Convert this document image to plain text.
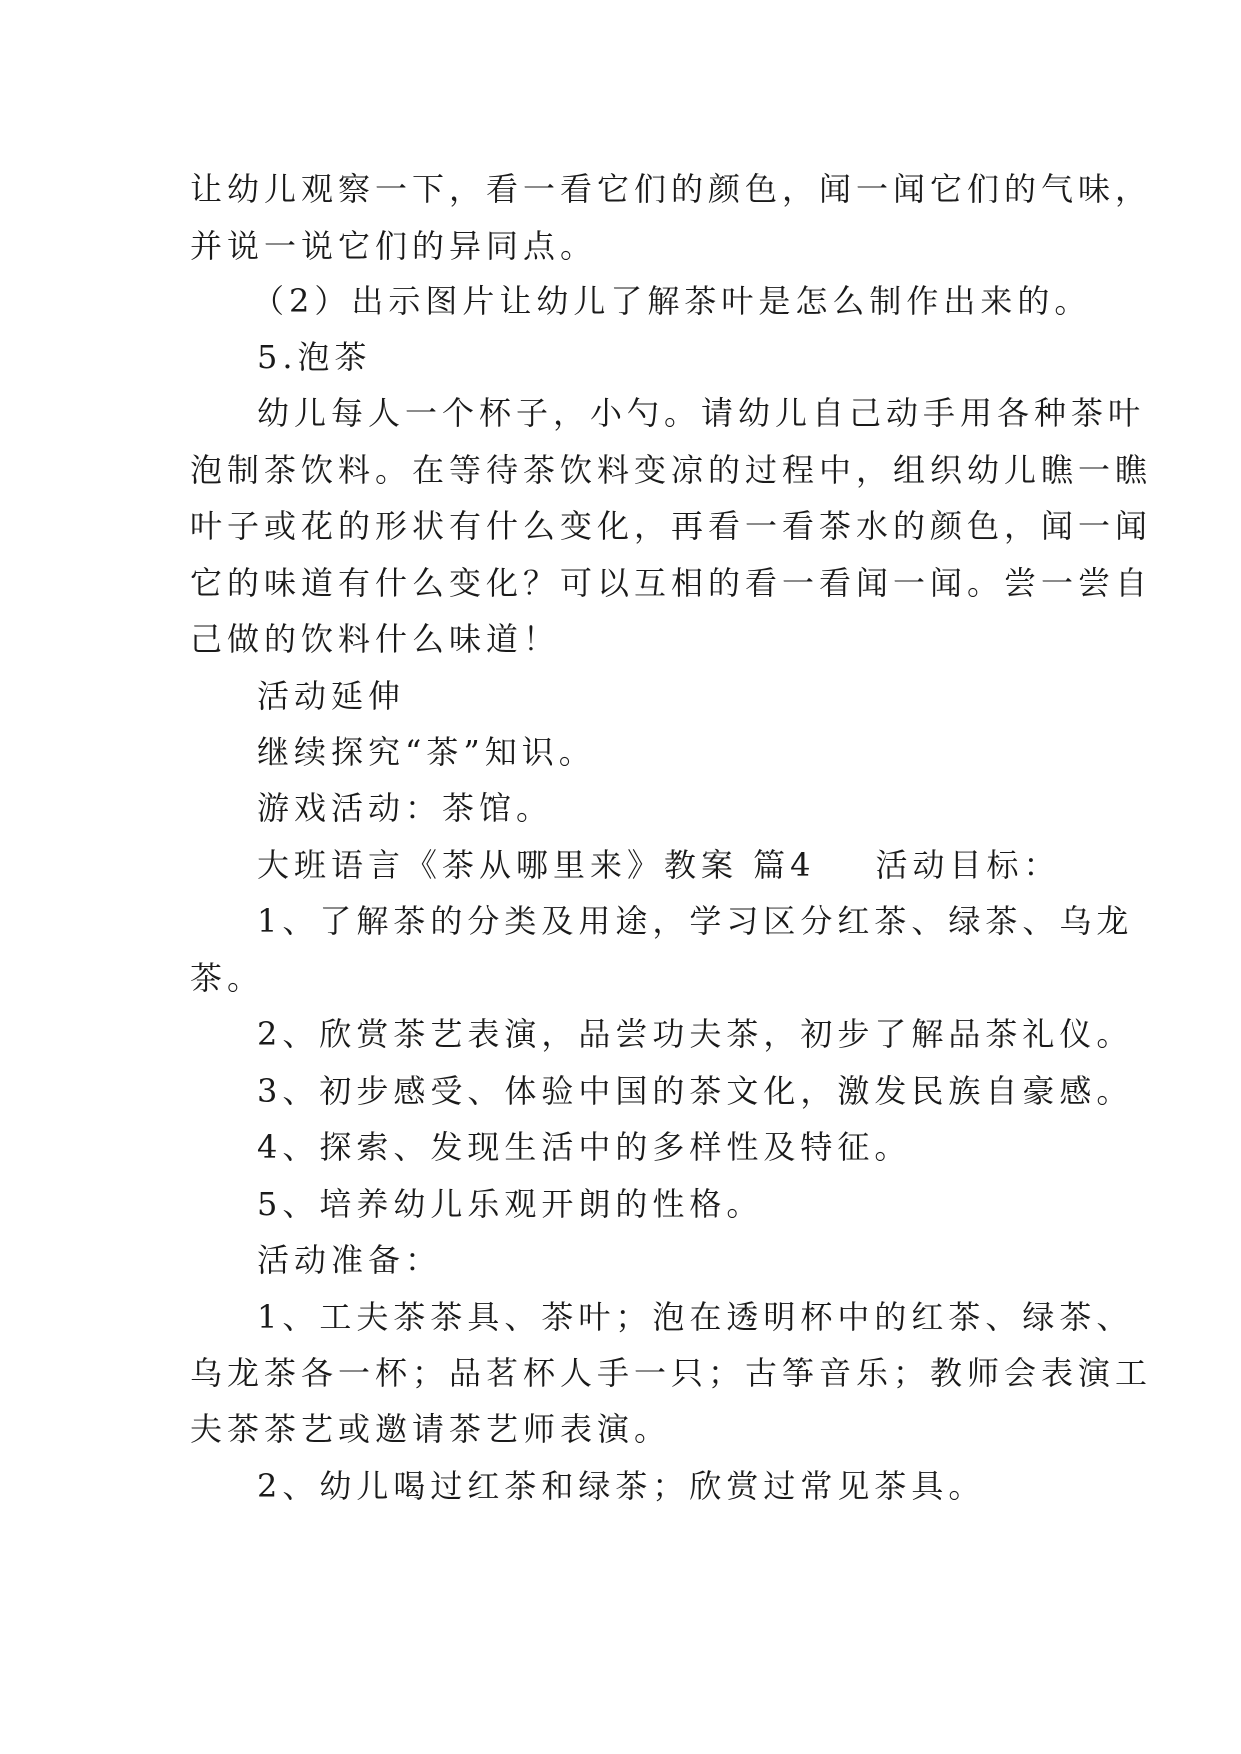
让幼儿观察一下，看一看它们的颜色，闻一闻它们的气味，

并说一说它们的异同点。

（2）出示图片让幼儿了解茶叶是怎么制作出来的。

5.泡茶

幼儿每人一个杯子，小勺。请幼儿自己动手用各种茶叶

泡制茶饮料。在等待茶饮料变凉的过程中，组织幼儿瞧一瞧

叶子或花的形状有什么变化，再看一看茶水的颜色，闻一闻

它的味道有什么变化？可以互相的看一看闻一闻。尝一尝自

己做的饮料什么味道！

活动延伸

继续探究“茶”知识。

游戏活动：茶馆。

大班语言《茶从哪里来》教案 篇4 活动目标：

1、了解茶的分类及用途，学习区分红茶、绿茶、乌龙

茶。

2、欣赏茶艺表演，品尝功夫茶，初步了解品茶礼仪。

3、初步感受、体验中国的茶文化，激发民族自豪感。

4、探索、发现生活中的多样性及特征。

5、培养幼儿乐观开朗的性格。

活动准备：

1、工夫茶茶具、茶叶；泡在透明杯中的红茶、绿茶、

乌龙茶各一杯；品茗杯人手一只；古筝音乐；教师会表演工

夫茶茶艺或邀请茶艺师表演。

2、幼儿喝过红茶和绿茶；欣赏过常见茶具。
